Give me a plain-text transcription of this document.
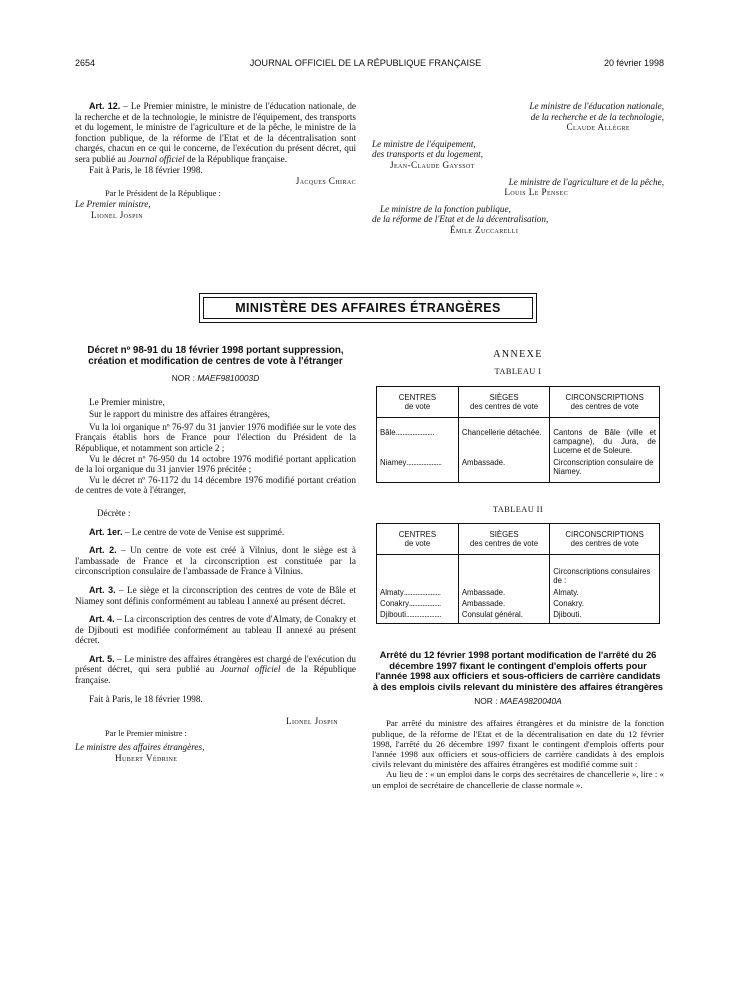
2654	JOURNAL OFFICIEL DE LA RÉPUBLIQUE FRANÇAISE	20 février 1998

Art. 12. – Le Premier ministre, le ministre de l'éducation nationale, de la recherche et de la technologie, le ministre de l'équipement, des transports et du logement, le ministre de l'agriculture et de la pêche, le ministre de la fonction publique, de la réforme de l'Etat et de la décentralisation sont chargés, chacun en ce qui le concerne, de l'exécution du présent décret, qui sera publié au Journal officiel de la République française.

Fait à Paris, le 18 février 1998.

Jacques Chirac

Par le Président de la République :

Le Premier ministre,

Lionel Jospin

Le ministre de l'éducation nationale,

de la recherche et de la technologie,

Claude Allègre

Le ministre de l'équipement,

des transports et du logement,

Jean-Claude Gayssot

Le ministre de l'agriculture et de la pêche,

Louis Le Pensec

Le ministre de la fonction publique,

de la réforme de l'Etat et de la décentralisation,

Émile Zuccarelli

MINISTÈRE DES AFFAIRES ÉTRANGÈRES

Décret nº 98-91 du 18 février 1998 portant suppression, création et modification de centres de vote à l'étranger

NOR : MAEF9810003D

Le Premier ministre,

Sur le rapport du ministre des affaires étrangères,

Vu la loi organique nº 76-97 du 31 janvier 1976 modifiée sur le vote des Français établis hors de France pour l'élection du Président de la République, et notamment son article 2 ;

Vu le décret nº 76-950 du 14 octobre 1976 modifié portant application de la loi organique du 31 janvier 1976 précitée ;

Vu le décret nº 76-1172 du 14 décembre 1976 modifié portant création de centres de vote à l'étranger,

Décrète :

Art. 1er. – Le centre de vote de Venise est supprimé.

Art. 2. – Un centre de vote est créé à Vilnius, dont le siège est à l'ambassade de France et la circonscription est constituée par la circonscription consulaire de l'ambassade de France à Vilnius.

Art. 3. – Le siège et la circonscription des centres de vote de Bâle et Niamey sont définis conformément au tableau I annexé au présent décret.

Art. 4. – La circonscription des centres de vote d'Almaty, de Conakry et de Djibouti est modifiée conformément au tableau II annexé au présent décret.

Art. 5. – Le ministre des affaires étrangères est chargé de l'exécution du présent décret, qui sera publié au Journal officiel de la République française.

Fait à Paris, le 18 février 1998.

Lionel Jospin

Par le Premier ministre :

Le ministre des affaires étrangères,

Hubert Védrine

ANNEXE
TABLEAU I
CENTRES
de vote	SIÈGES
des centres de vote	CIRCONSCRIPTIONS
des centres de vote

Bâle.......................	Chancellerie détachée.	Cantons de Bâle (ville et campagne), du Jura, de Lucerne et de Soleure.
Niamey.....................	Ambassade.	Circonscription consulaire de Niamey.
TABLEAU II
CENTRES
de vote	SIÈGES
des centres de vote	CIRCONSCRIPTIONS
des centres de vote

		Circonscriptions consulaires de :
Almaty......................	Ambassade.	Almaty.
Conakry...................	Ambassade.	Conakry.
Djibouti.....................	Consulat général.	Djibouti.

Arrêté du 12 février 1998 portant modification de l'arrêté du 26 décembre 1997 fixant le contingent d'emplois offerts pour l'année 1998 aux officiers et sous-officiers de carrière candidats à des emplois civils relevant du ministère des affaires étrangères

NOR : MAEA9820040A

Par arrêté du ministre des affaires étrangères et du ministre de la fonction publique, de la réforme de l'Etat et de la décentralisation en date du 12 février 1998, l'arrêté du 26 décembre 1997 fixant le contingent d'emplois offerts pour l'année 1998 aux officiers et sous-officiers de carrière candidats à des emplois civils relevant du ministère des affaires étrangères est modifié comme suit :

Au lieu de : « un emploi dans le corps des secrétaires de chancellerie », lire : « un emploi de secrétaire de chancellerie de classe normale ».
